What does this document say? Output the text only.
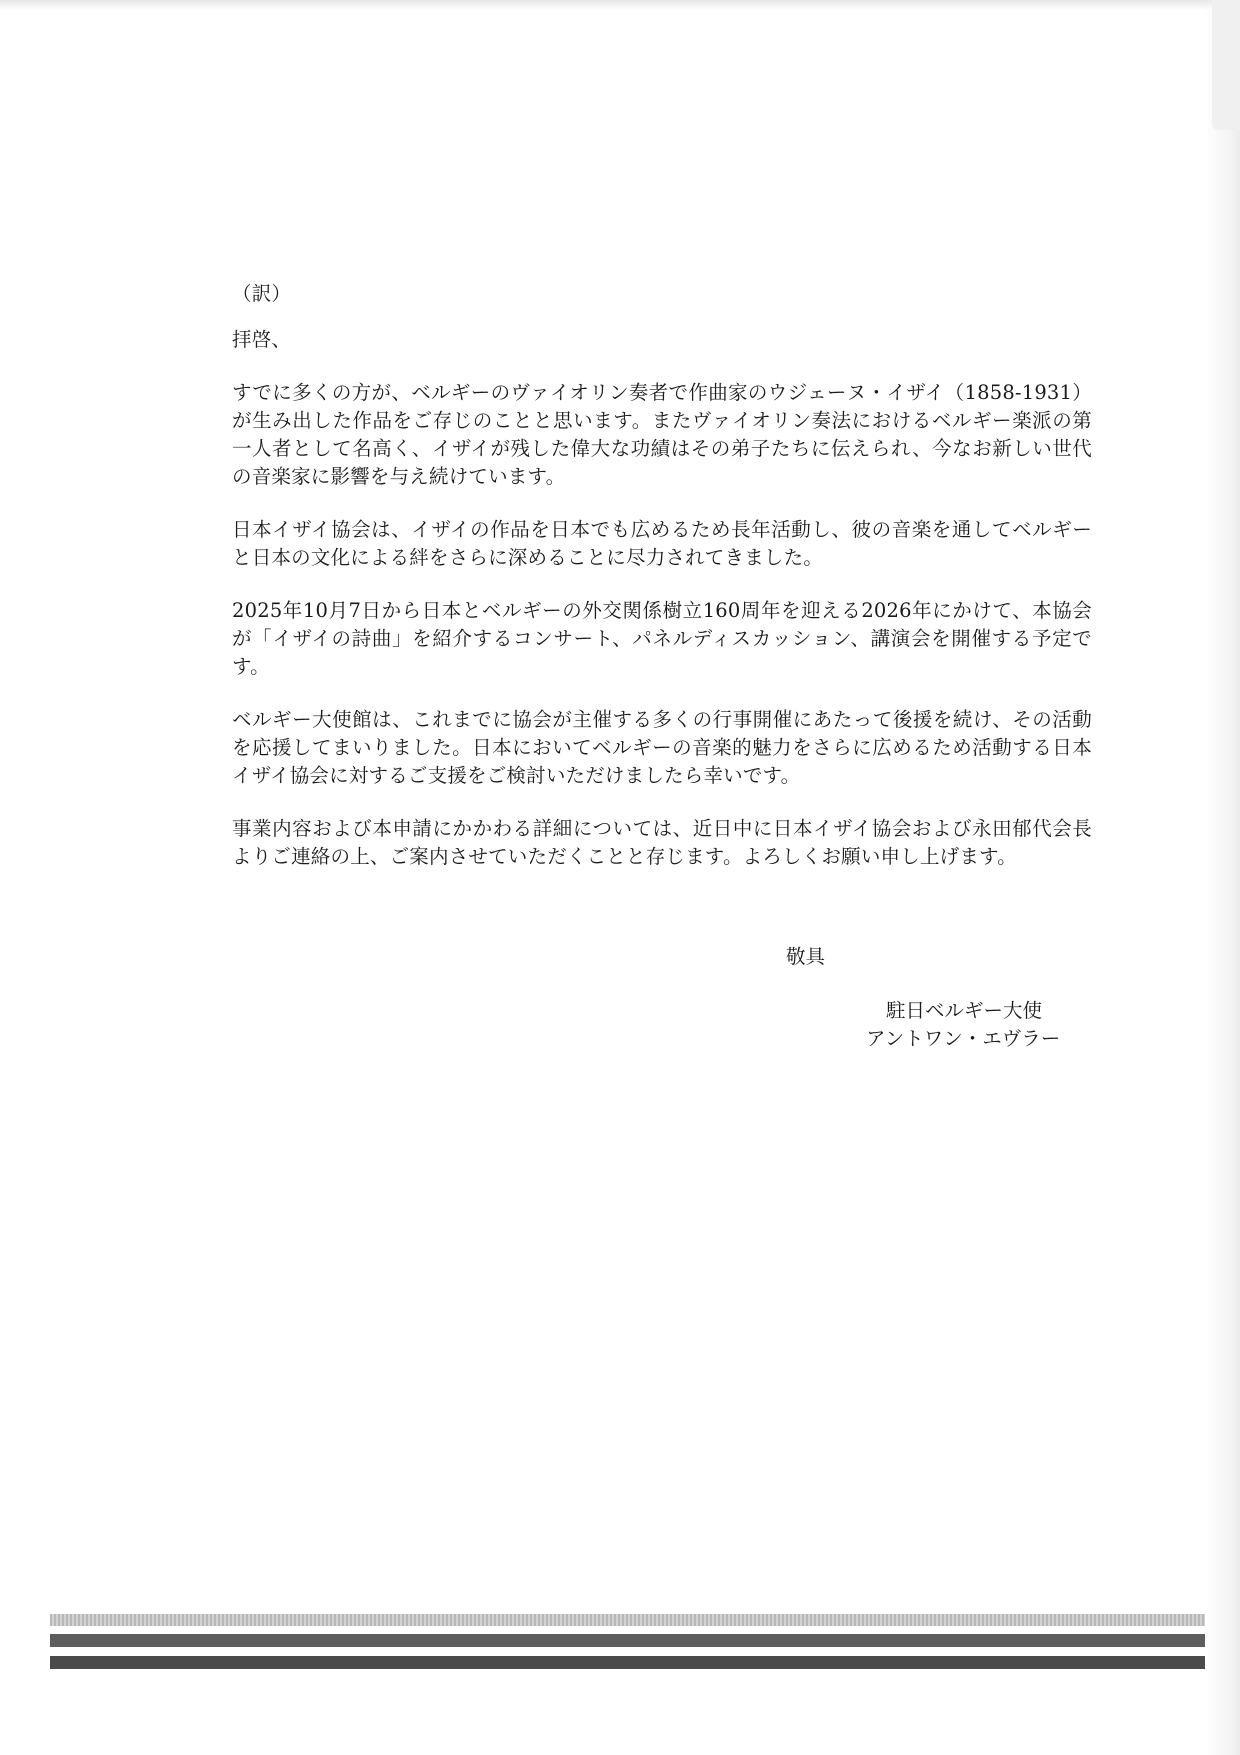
（訳）
拝啓、

すでに多くの方が、ベルギーのヴァイオリン奏者で作曲家のウジェーヌ・イザイ（1858-1931）が生み出した作品をご存じのことと思います。またヴァイオリン奏法におけるベルギー楽派の第一人者として名高く、イザイが残した偉大な功績はその弟子たちに伝えられ、今なお新しい世代の音楽家に影響を与え続けています。

日本イザイ協会は、イザイの作品を日本でも広めるため長年活動し、彼の音楽を通してベルギーと日本の文化による絆をさらに深めることに尽力されてきました。

2025年10月7日から日本とベルギーの外交関係樹立160周年を迎える2026年にかけて、本協会が「イザイの詩曲」を紹介するコンサート、パネルディスカッション、講演会を開催する予定です。

ベルギー大使館は、これまでに協会が主催する多くの行事開催にあたって後援を続け、その活動を応援してまいりました。日本においてベルギーの音楽的魅力をさらに広めるため活動する日本イザイ協会に対するご支援をご検討いただけましたら幸いです。

事業内容および本申請にかかわる詳細については、近日中に日本イザイ協会および永田郁代会長よりご連絡の上、ご案内させていただくことと存じます。よろしくお願い申し上げます。

敬具
駐日ベルギー大使
アントワン・エヴラー
